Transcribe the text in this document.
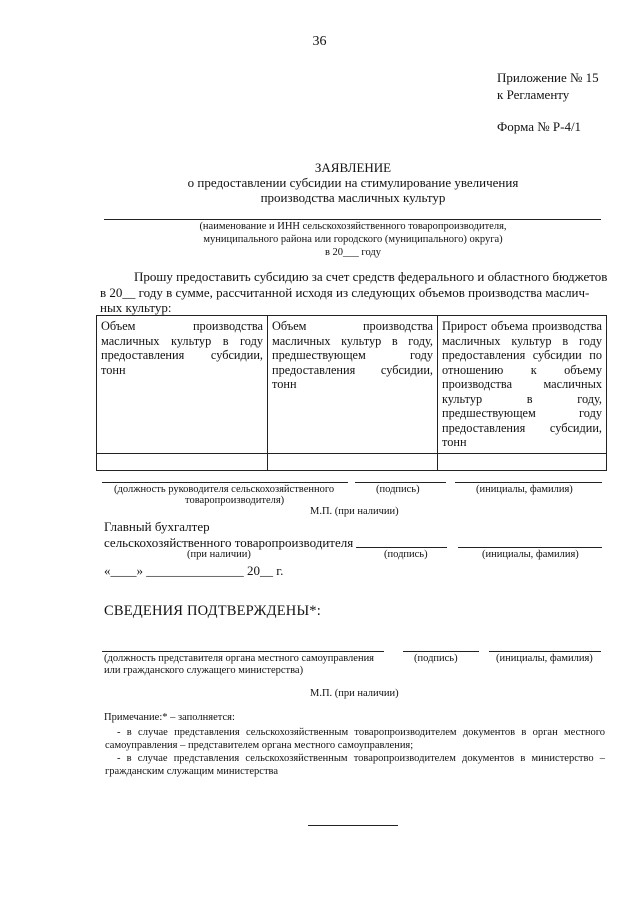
36
Приложение № 15
к Регламенту
Форма № Р-4/1
ЗАЯВЛЕНИЕ
о предоставлении субсидии на стимулирование увеличения
производства масличных культур
(наименование и ИНН сельскохозяйственного товаропроизводителя,
муниципального района или городского (муниципального) округа)
в 20___ году
Прошу предоставить субсидию за счет средств федерального и областного бюджетов
в 20__ году в сумме, рассчитанной исходя из следующих объемов производства маслич-
ных культур:
Объем производства масличных культур в году предоставления субсидии, тонн	Объем производства масличных культур в году, предшествующем году предоставления субсидии, тонн	Прирост объема производства масличных культур в году предоставления субсидии по отношению к объему производства масличных культур в году, предшествующем году предоставления субсидии, тонн

(должность руководителя сельскохозяйственного
товаропроизводителя)
(подпись)	(инициалы, фамилия)
М.П. (при наличии)
Главный бухгалтер
сельскохозяйственного товаропроизводителя
(при наличии)	(подпись)	(инициалы, фамилия)
«____» _______________ 20__ г.
СВЕДЕНИЯ ПОДТВЕРЖДЕНЫ*:
(должность представителя органа местного самоуправления
или гражданского служащего министерства)
(подпись)	(инициалы, фамилия)
М.П. (при наличии)
Примечание:* – заполняется:
- в случае представления сельскохозяйственным товаропроизводителем документов в орган местного самоуправления – представителем органа местного самоуправления;
- в случае представления сельскохозяйственным товаропроизводителем документов в министерство – гражданским служащим министерства
